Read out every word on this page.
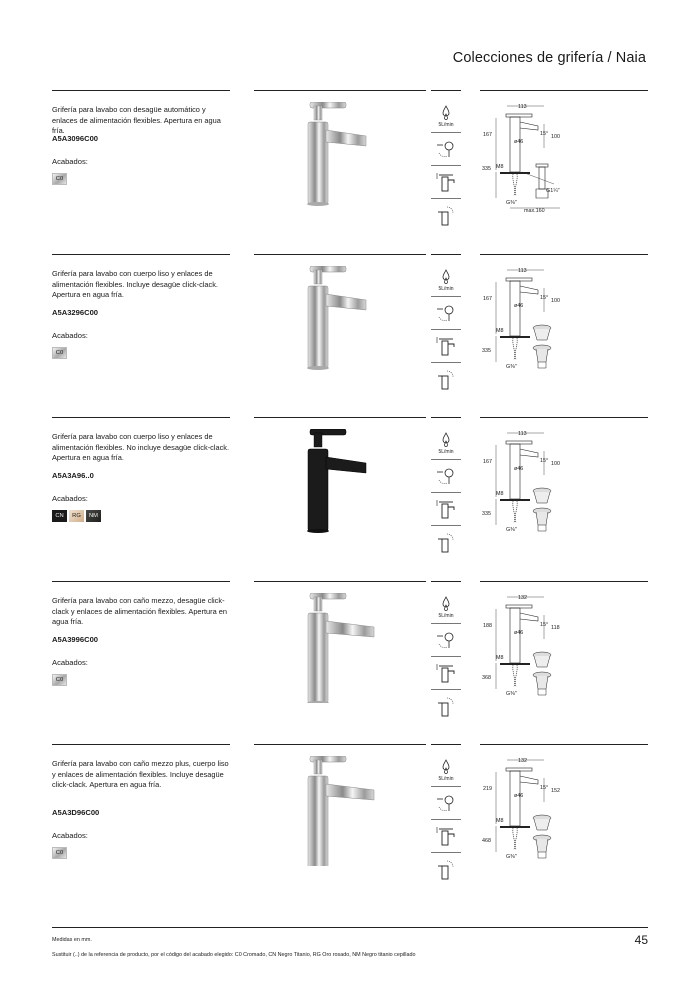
Colecciones de grifería / Naia
Grifería para lavabo con desagüe automático y enlaces de alimentación flexibles. Apertura en agua fría.
A5A3096C00
Acabados:
C0
5L/min
113
167	15° 100
ø46
M8
335
G⅜"
G1¼"
max.160
Grifería para lavabo con cuerpo liso y enlaces de alimentación flexibles. Incluye desagüe click-clack. Apertura en agua fría.
A5A3296C00
Acabados:
C0
5L/min
113
167	15° 100
ø46
M8
335
G⅜"
Grifería para lavabo con cuerpo liso y enlaces de alimentación flexibles. No incluye desagüe click-clack. Apertura en agua fría.
A5A3A96..0
Acabados:
CN	RG	NM
5L/min
113
167	15° 100
ø46
M8
335
G⅜"
Grifería para lavabo con caño mezzo, desagüe click-clack y enlaces de alimentación flexibles. Apertura en agua fría.
A5A3996C00
Acabados:
C0
5L/min
132
188	15° 118
ø46
M8
368
G⅜"
Grifería para lavabo con caño mezzo plus, cuerpo liso y enlaces de alimentación flexibles. Incluye desagüe click-clack. Apertura en agua fría.
A5A3D96C00
Acabados:
C0
5L/min
132
219	15° 152
ø46
M8
468
G⅜"
Medidas en mm.
Sustituir (..) de la referencia de producto, por el código del acabado elegido: C0 Cromado, CN Negro Titanio, RG Oro rosado, NM Negro titanio cepillado
45
